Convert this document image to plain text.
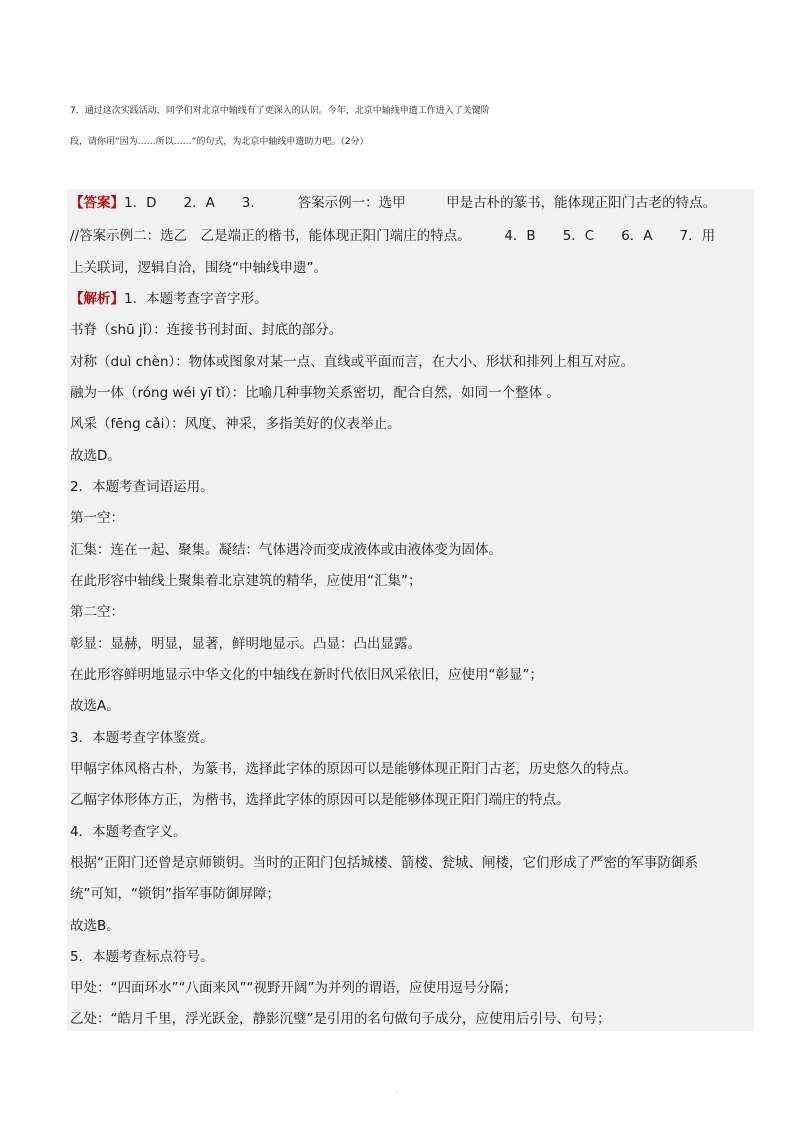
7．通过这次实践活动，同学们对北京中轴线有了更深入的认识。今年，北京中轴线申遗工作进入了关键阶

段，请你用“因为……所以……”的句式，为北京中轴线申遗助力吧。（2分）

【答案】1．D　　2．A　　3．　　　答案示例一：选甲　　　甲是古朴的篆书，能体现正阳门古老的特点。
//答案示例二：选乙　乙是端正的楷书，能体现正阳门端庄的特点。　　　4．B　　5．C　　6．A　　7．用
上关联词，逻辑自洽，围绕“中轴线申遗”。
【解析】1．本题考查字音字形。
书脊（shū jǐ）：连接书刊封面、封底的部分。
对称（duì chèn）：物体或图象对某一点、直线或平面而言，在大小、形状和排列上相互对应。
融为一体（róng wéi yī tǐ）：比喻几种事物关系密切，配合自然，如同一个整体 。
风采（fēng cǎi）：风度、神采，多指美好的仪表举止。
故选D。
2．本题考查词语运用。
第一空：
汇集：连在一起、聚集。凝结：气体遇冷而变成液体或由液体变为固体。
在此形容中轴线上聚集着北京建筑的精华，应使用“汇集”；
第二空：
彰显：显赫，明显，显著，鲜明地显示。凸显：凸出显露。
在此形容鲜明地显示中华文化的中轴线在新时代依旧风采依旧，应使用“彰显”；
故选A。
3．本题考查字体鉴赏。
甲幅字体风格古朴，为篆书，选择此字体的原因可以是能够体现正阳门古老，历史悠久的特点。
乙幅字体形体方正，为楷书，选择此字体的原因可以是能够体现正阳门端庄的特点。
4．本题考查字义。
根据“正阳门还曾是京师锁钥。当时的正阳门包括城楼、箭楼、瓮城、闸楼，它们形成了严密的军事防御系
统”可知，“锁钥”指军事防御屏障；
故选B。
5．本题考查标点符号。
甲处：“四面环水”“八面来风”“视野开阔”为并列的谓语，应使用逗号分隔；
乙处：“皓月千里，浮光跃金，静影沉璧”是引用的名句做句子成分，应使用后引号、句号；
·
